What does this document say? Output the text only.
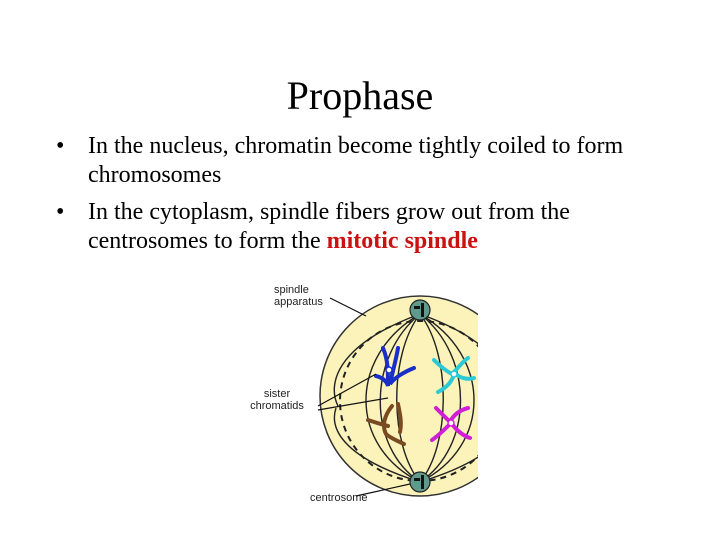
Prophase
• In the nucleus, chromatin become tightly coiled to form chromosomes
• In the cytoplasm, spindle fibers grow out from the centrosomes to form the mitotic spindle
spindle
apparatus
sister
chromatids
centrosome
